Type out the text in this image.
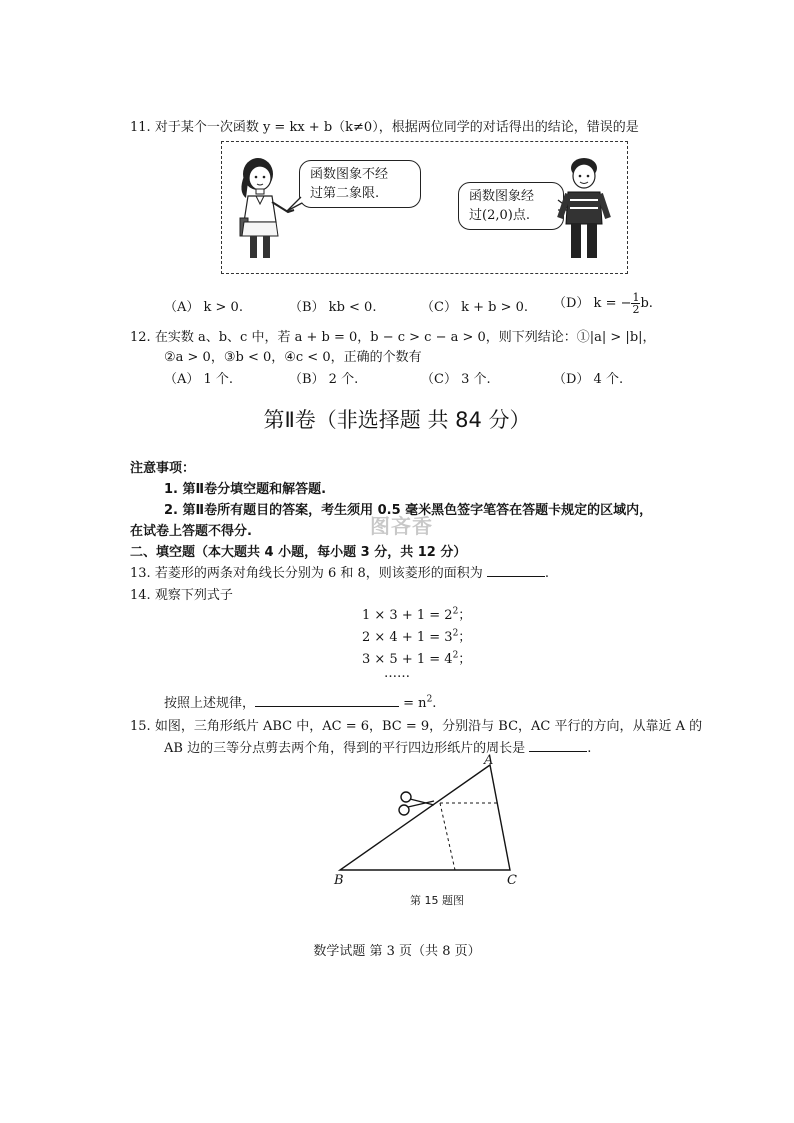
11. 对于某个一次函数 y = kx + b（k≠0），根据两位同学的对话得出的结论，错误的是
函数图象不经
过第二象限.	函数图象经
过(2,0)点.
（A） k > 0.	（B） kb < 0.	（C） k + b > 0. （D） k = − $\frac{1}{2} b$.
12. 在实数 a、b、c 中，若 a + b = 0，b − c > c − a > 0，则下列结论：①|a| > |b|，
②a > 0，③b < 0，④c < 0，正确的个数有
（A） 1 个.	（B） 2 个.	（C） 3 个.	（D） 4 个.
第Ⅱ卷（非选择题 共 84 分）
注意事项：
1. 第Ⅱ卷分填空题和解答题.
2. 第Ⅱ卷所有题目的答案，考生须用 0.5 毫米黑色签字笔答在答题卡规定的区域内，
在试卷上答题不得分.	图吝香
二、填空题（本大题共 4 小题，每小题 3 分，共 12 分）
13. 若菱形的两条对角线长分别为 6 和 8，则该菱形的面积为	.
14. 观察下列式子
$1 \times 3 + 1 = 2^2$；
$2 \times 4 + 1 = 3^2$；
$3 \times 5 + 1 = 4^2$；
……
按照上述规律，	= $n^2$.
15. 如图，三角形纸片 ABC 中，AC = 6，BC = 9，分别沿与 BC，AC 平行的方向，从靠近 A 的
AB 边的三等分点剪去两个角，得到的平行四边形纸片的周长是	.
A
B	C
第 15 题图
数学试题 第 3 页（共 8 页）
